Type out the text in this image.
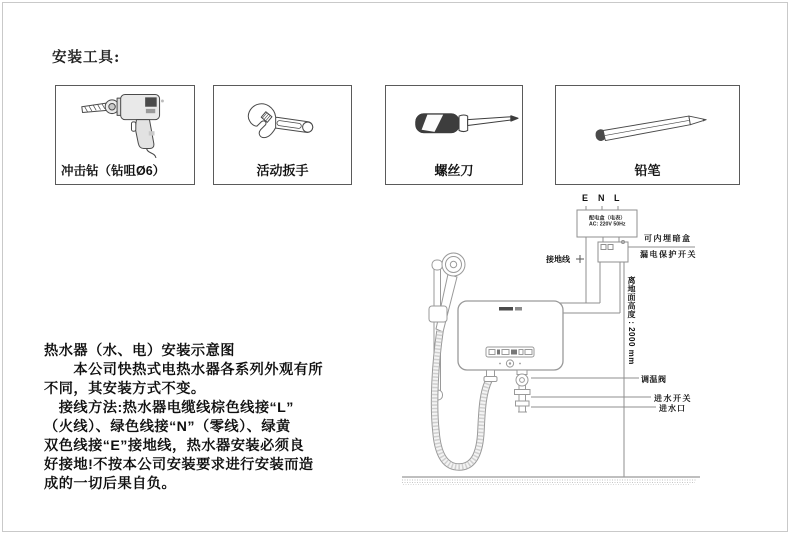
安装工具:
冲击钻（钻咀Ø6）	活动扳手	螺丝刀	铅笔
热水器（水、电）安装示意图
　　本公司快热式电热水器各系列外观有所
不同，其安装方式不变。
　接线方法:热水器电缆线棕色线接“L”
（火线）、绿色线接“N”（零线）、绿黄
双色线接“E”接地线，热水器安装必须良
好接地!不按本公司安装要求进行安装而造
成的一切后果自负。
E N L
配电盒（电表）
AC: 220V 50Hz
可内埋暗盒
漏电保护开关
接地线
离地面高度 : 2000 mm
调温阀
进水开关
进水口
